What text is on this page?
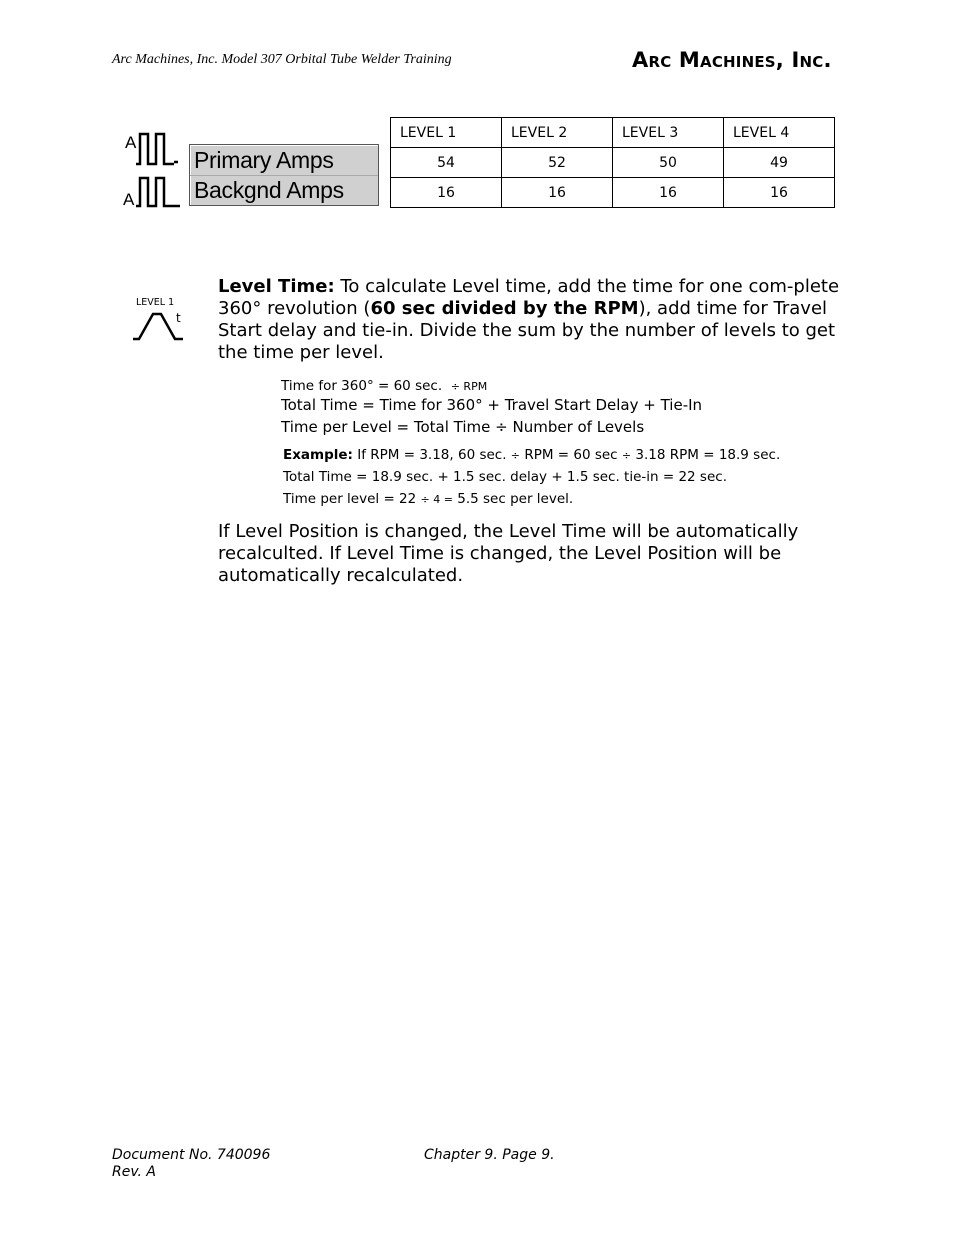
Arc Machines, Inc. Model 307 Orbital Tube Welder Training	Arc Machines, Inc.
A
A
Primary Amps
Backgnd Amps
LEVEL 1	LEVEL 2	LEVEL 3	LEVEL 4
54	52	50	49
16	16	16	16
LEVEL 1
t
Level Time: To calculate Level time, add the time for one com-plete 360° revolution (60 sec divided by the RPM), add time for Travel Start delay and tie-in. Divide the sum by the number of levels to get the time per level.
Time for 360° = 60 sec. ÷ RPM
Total Time = Time for 360° + Travel Start Delay + Tie-In
Time per Level = Total Time ÷ Number of Levels
Example: If RPM = 3.18, 60 sec. ÷ RPM = 60 sec ÷ 3.18 RPM = 18.9 sec.
Total Time = 18.9 sec. + 1.5 sec. delay + 1.5 sec. tie-in = 22 sec.
Time per level = 22 ÷ 4 = 5.5 sec per level.
If Level Position is changed, the Level Time will be automatically recalculted. If Level Time is changed, the Level Position will be automatically recalculated.
Document No. 740096
Rev. A
Chapter 9. Page 9.
